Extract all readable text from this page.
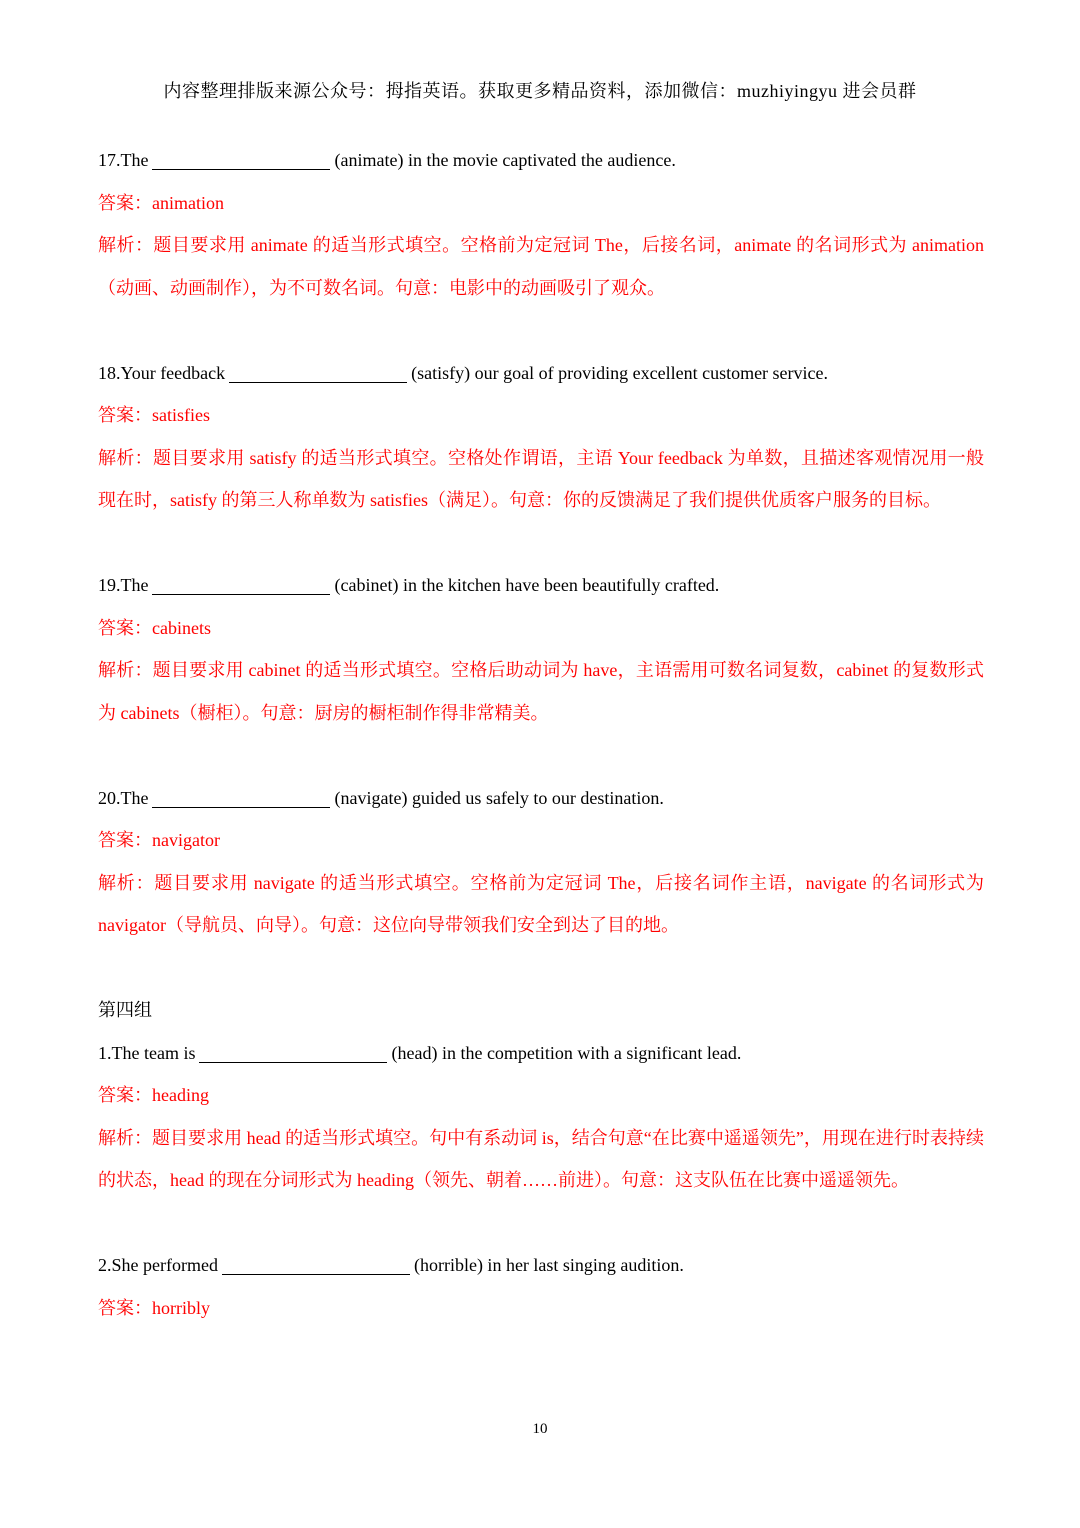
内容整理排版来源公众号：拇指英语。获取更多精品资料，添加微信：muzhiyingyu 进会员群
17.The	(animate) in the movie captivated the audience.
答案：animation
解析：题目要求用 animate 的适当形式填空。空格前为定冠词 The，后接名词，animate 的名词形式为 animation（动画、动画制作），为不可数名词。句意：电影中的动画吸引了观众。
18.Your feedback	(satisfy) our goal of providing excellent customer service.
答案：satisfies
解析：题目要求用 satisfy 的适当形式填空。空格处作谓语，主语 Your feedback 为单数，且描述客观情况用一般现在时，satisfy 的第三人称单数为 satisfies（满足）。句意：你的反馈满足了我们提供优质客户服务的目标。
19.The	(cabinet) in the kitchen have been beautifully crafted.
答案：cabinets
解析：题目要求用 cabinet 的适当形式填空。空格后助动词为 have，主语需用可数名词复数，cabinet 的复数形式为 cabinets（橱柜）。句意：厨房的橱柜制作得非常精美。
20.The	(navigate) guided us safely to our destination.
答案：navigator
解析：题目要求用 navigate 的适当形式填空。空格前为定冠词 The，后接名词作主语，navigate 的名词形式为 navigator（导航员、向导）。句意：这位向导带领我们安全到达了目的地。
第四组
1.The team is	(head) in the competition with a significant lead.
答案：heading
解析：题目要求用 head 的适当形式填空。句中有系动词 is，结合句意“在比赛中遥遥领先”，用现在进行时表持续的状态，head 的现在分词形式为 heading（领先、朝着……前进）。句意：这支队伍在比赛中遥遥领先。
2.She performed	(horrible) in her last singing audition.
答案：horribly
10
